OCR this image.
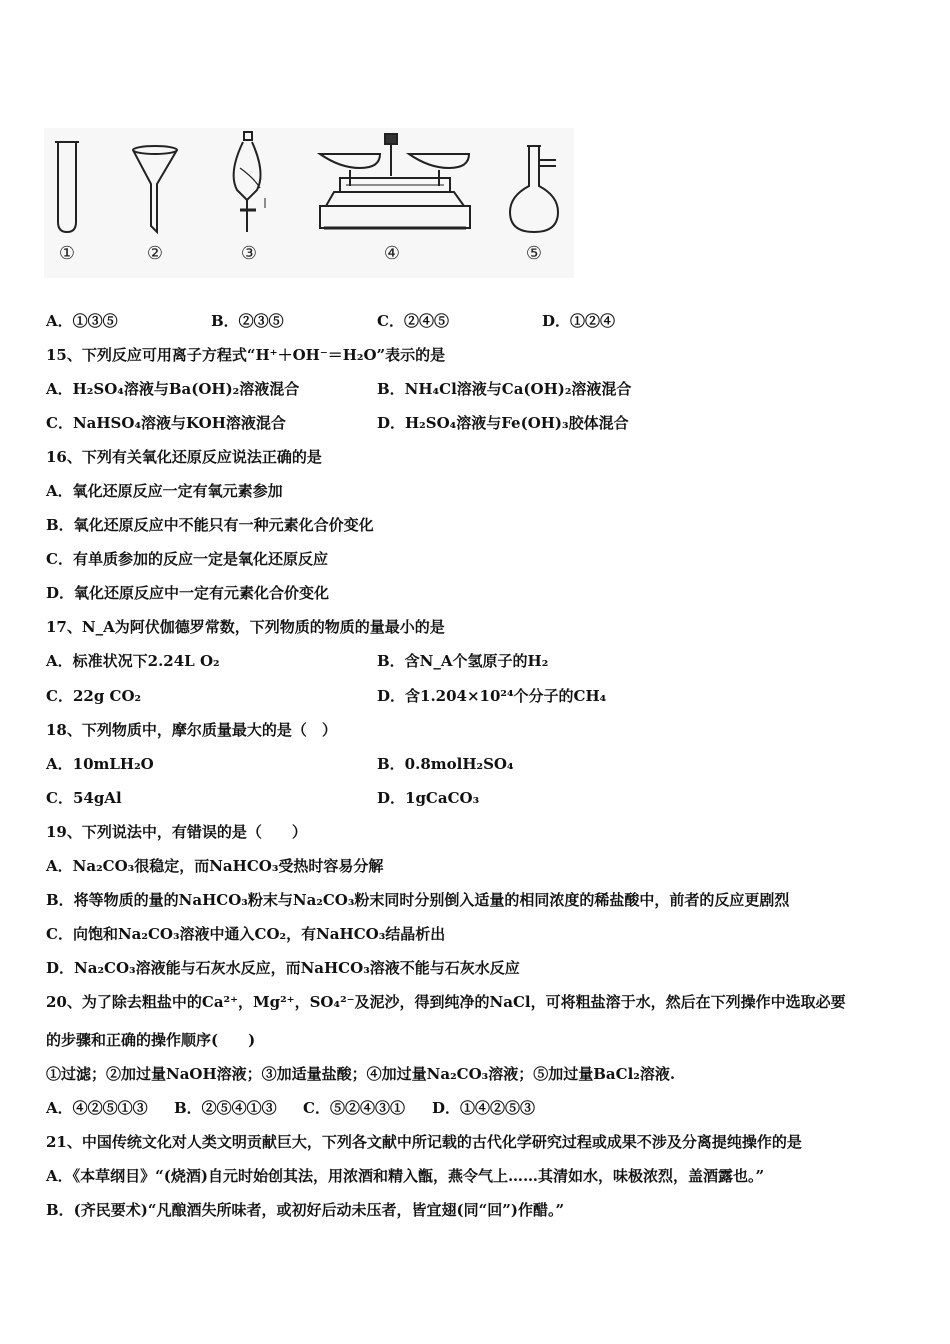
①	②	③	④	⑤
A．①③⑤	B．②③⑤	C．②④⑤	D．①②④
15、下列反应可用离子方程式“H⁺＋OH⁻＝H₂O”表示的是
A．H₂SO₄溶液与Ba(OH)₂溶液混合	B．NH₄Cl溶液与Ca(OH)₂溶液混合
C．NaHSO₄溶液与KOH溶液混合	D．H₂SO₄溶液与Fe(OH)₃胶体混合
16、下列有关氧化还原反应说法正确的是
A．氧化还原反应一定有氧元素参加
B．氧化还原反应中不能只有一种元素化合价变化
C．有单质参加的反应一定是氧化还原反应
D．氧化还原反应中一定有元素化合价变化
17、N_A为阿伏伽德罗常数，下列物质的物质的量最小的是
A．标准状况下2.24L O₂	B．含N_A个氢原子的H₂
C．22g CO₂	D．含1.204×10²⁴个分子的CH₄
18、下列物质中，摩尔质量最大的是（　）
A．10mLH₂O	B．0.8molH₂SO₄
C．54gAl	D．1gCaCO₃
19、下列说法中，有错误的是（　　）
A．Na₂CO₃很稳定，而NaHCO₃受热时容易分解
B．将等物质的量的NaHCO₃粉末与Na₂CO₃粉末同时分别倒入适量的相同浓度的稀盐酸中，前者的反应更剧烈
C．向饱和Na₂CO₃溶液中通入CO₂，有NaHCO₃结晶析出
D．Na₂CO₃溶液能与石灰水反应，而NaHCO₃溶液不能与石灰水反应
20、为了除去粗盐中的Ca²⁺，Mg²⁺，SO₄²⁻及泥沙，得到纯净的NaCl，可将粗盐溶于水，然后在下列操作中选取必要
的步骤和正确的操作顺序(　　)
①过滤；②加过量NaOH溶液；③加适量盐酸；④加过量Na₂CO₃溶液；⑤加过量BaCl₂溶液.
A．④②⑤①③ B．②⑤④①③ C．⑤②④③① D．①④②⑤③
21、中国传统文化对人类文明贡献巨大，下列各文献中所记载的古代化学研究过程或成果不涉及分离提纯操作的是
A．《本草纲目》“(烧酒)自元时始创其法，用浓酒和精入甑，燕令气上……其清如水，味极浓烈，盖酒露也。”
B．(齐民要术)“凡酿酒失所味者，或初好后动未压者，皆宜翅(同“回”)作醋。”
